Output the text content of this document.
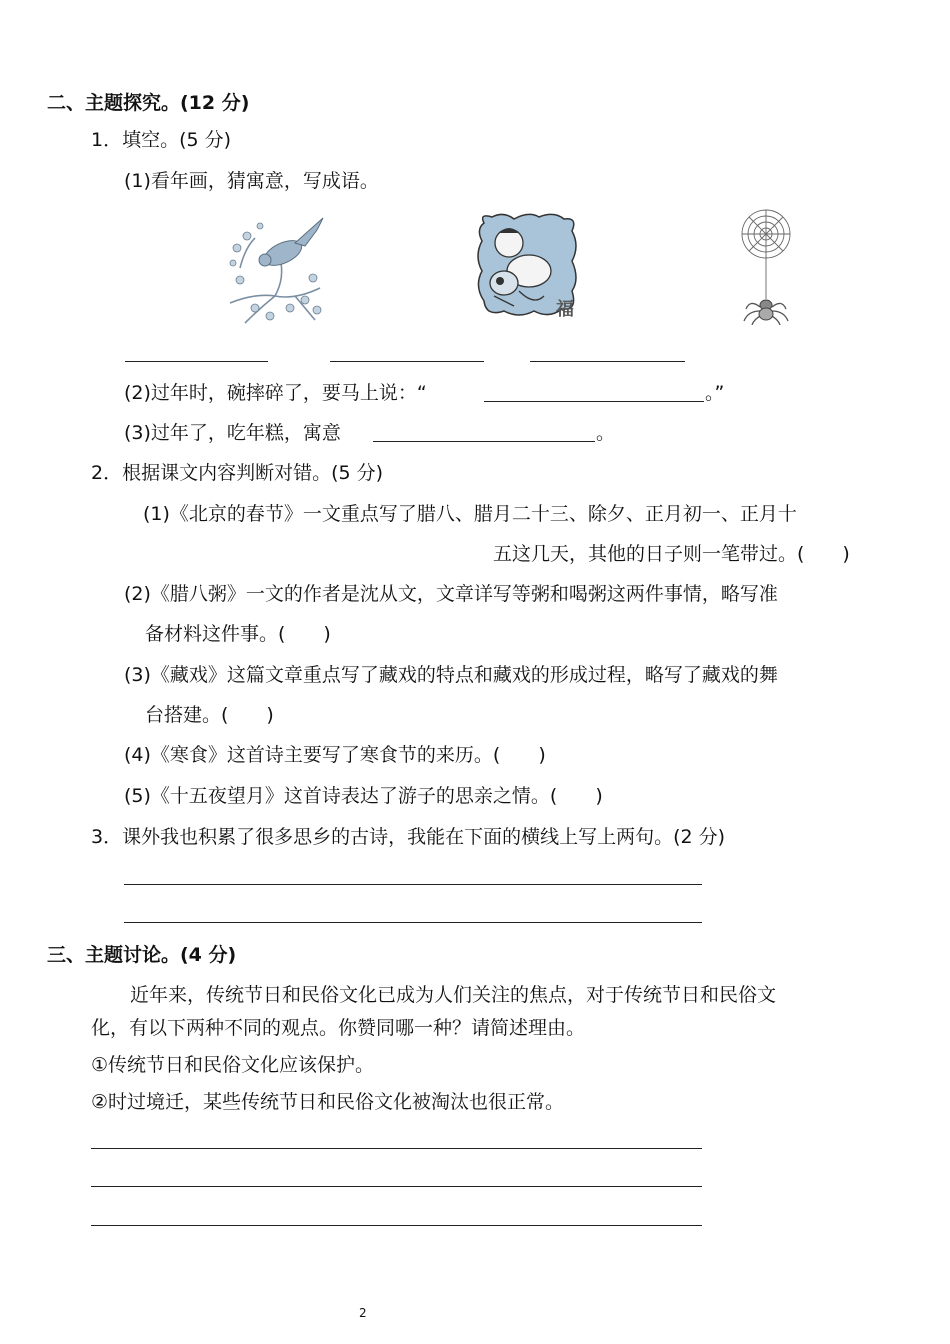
二、主题探究。(12 分)
1．填空。(5 分)
(1)看年画，猜寓意，写成语。
福
(2)过年时，碗摔碎了，要马上说：“	。”
(3)过年了，吃年糕，寓意	。
2．根据课文内容判断对错。(5 分)
(1)《北京的春节》一文重点写了腊八、腊月二十三、除夕、正月初一、正月十
五这几天，其他的日子则一笔带过。(　　)
(2)《腊八粥》一文的作者是沈从文，文章详写等粥和喝粥这两件事情，略写准
备材料这件事。(　　)
(3)《藏戏》这篇文章重点写了藏戏的特点和藏戏的形成过程，略写了藏戏的舞
台搭建。(　　)
(4)《寒食》这首诗主要写了寒食节的来历。(　　)
(5)《十五夜望月》这首诗表达了游子的思亲之情。(　　)
3．课外我也积累了很多思乡的古诗，我能在下面的横线上写上两句。(2 分)
三、主题讨论。(4 分)
近年来，传统节日和民俗文化已成为人们关注的焦点，对于传统节日和民俗文
化，有以下两种不同的观点。你赞同哪一种？请简述理由。
①传统节日和民俗文化应该保护。
②时过境迁，某些传统节日和民俗文化被淘汰也很正常。
2
